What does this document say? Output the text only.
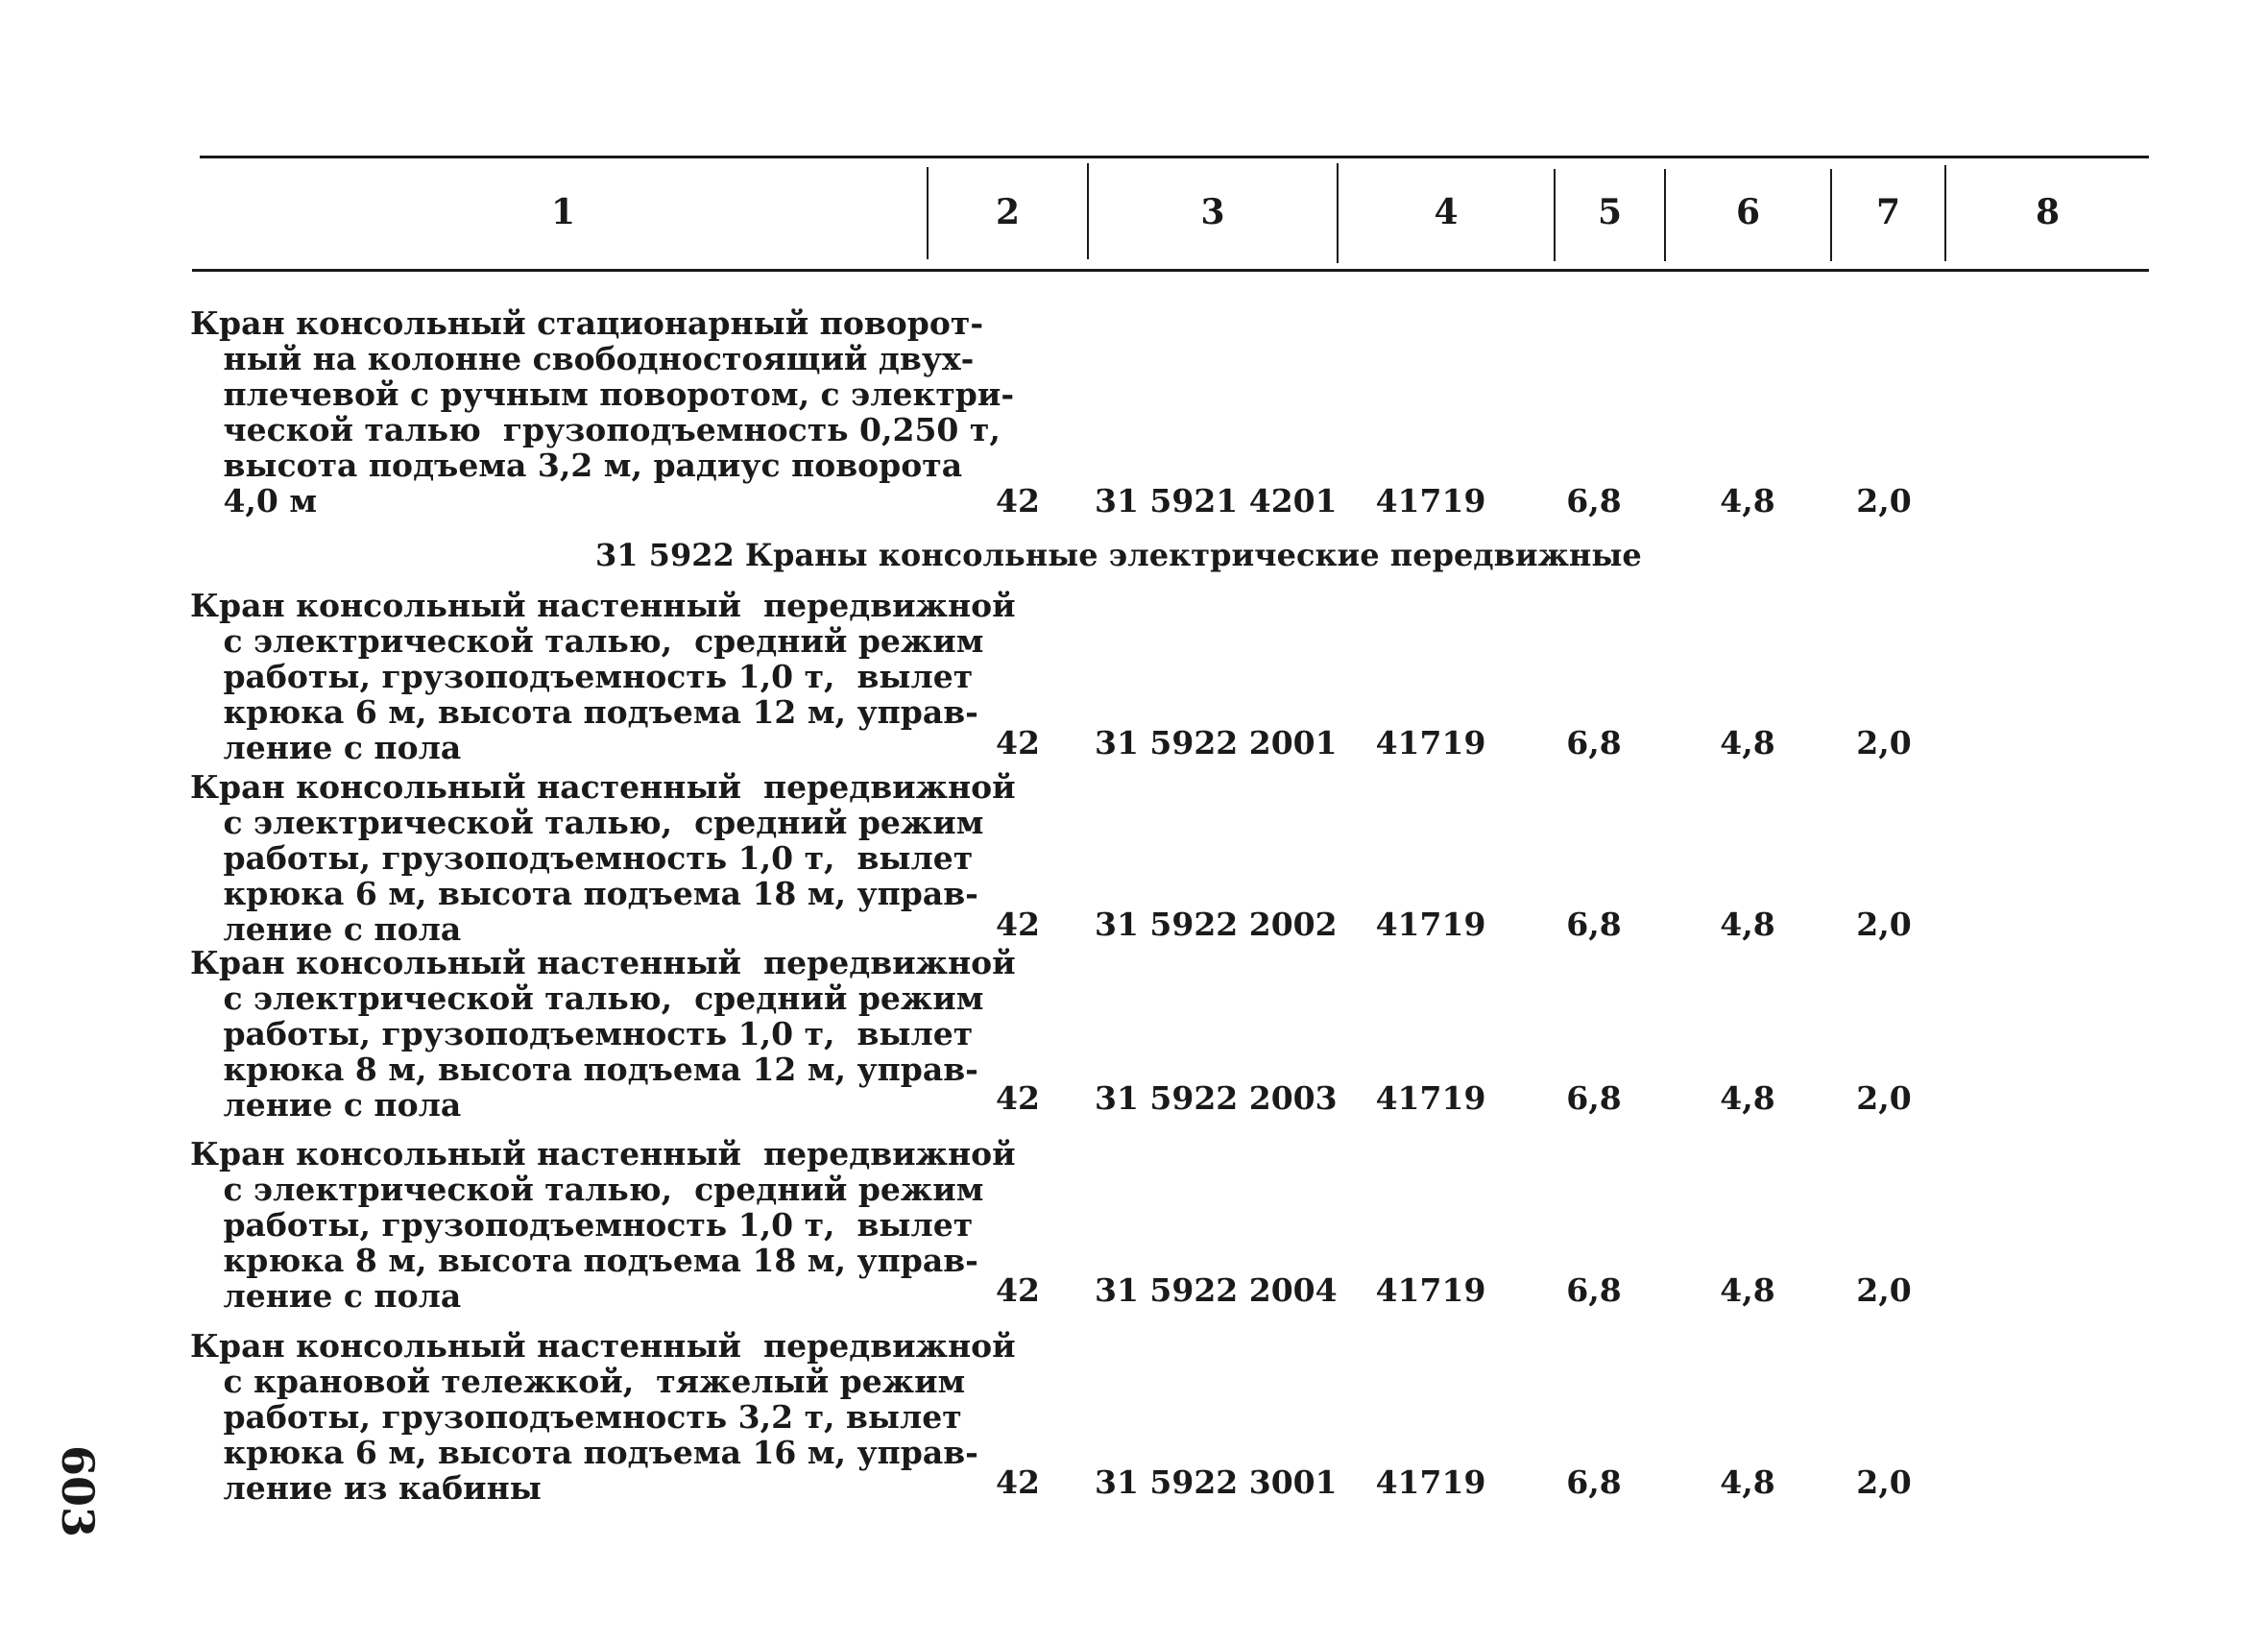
1	2	3	4	5	6	7	8
Кран консольный стационарный поворот-
ный на колонне свободностоящий двух-
плечевой с ручным поворотом, с электри-
ческой талью  грузоподъемность 0,250 т,
высота подъема 3,2 м, радиус поворота
4,0 м	42	31 5921 4201	41719	6,8	4,8	2,0
31 5922 Краны консольные электрические передвижные
Кран консольный настенный  передвижной
с электрической талью,  средний режим
работы, грузоподъемность 1,0 т,  вылет
крюка 6 м, высота подъема 12 м, управ-
ление с пола	42	31 5922 2001	41719	6,8	4,8	2,0
Кран консольный настенный  передвижной
с электрической талью,  средний режим
работы, грузоподъемность 1,0 т,  вылет
крюка 6 м, высота подъема 18 м, управ-
ление с пола	42	31 5922 2002	41719	6,8	4,8	2,0
Кран консольный настенный  передвижной
с электрической талью,  средний режим
работы, грузоподъемность 1,0 т,  вылет
крюка 8 м, высота подъема 12 м, управ-
ление с пола	42	31 5922 2003	41719	6,8	4,8	2,0
Кран консольный настенный  передвижной
с электрической талью,  средний режим
работы, грузоподъемность 1,0 т,  вылет
крюка 8 м, высота подъема 18 м, управ-
ление с пола	42	31 5922 2004	41719	6,8	4,8	2,0
Кран консольный настенный  передвижной
с крановой тележкой,  тяжелый режим
работы, грузоподъемность 3,2 т, вылет
крюка 6 м, высота подъема 16 м, управ-
ление из кабины	42	31 5922 3001	41719	6,8	4,8	2,0
603
